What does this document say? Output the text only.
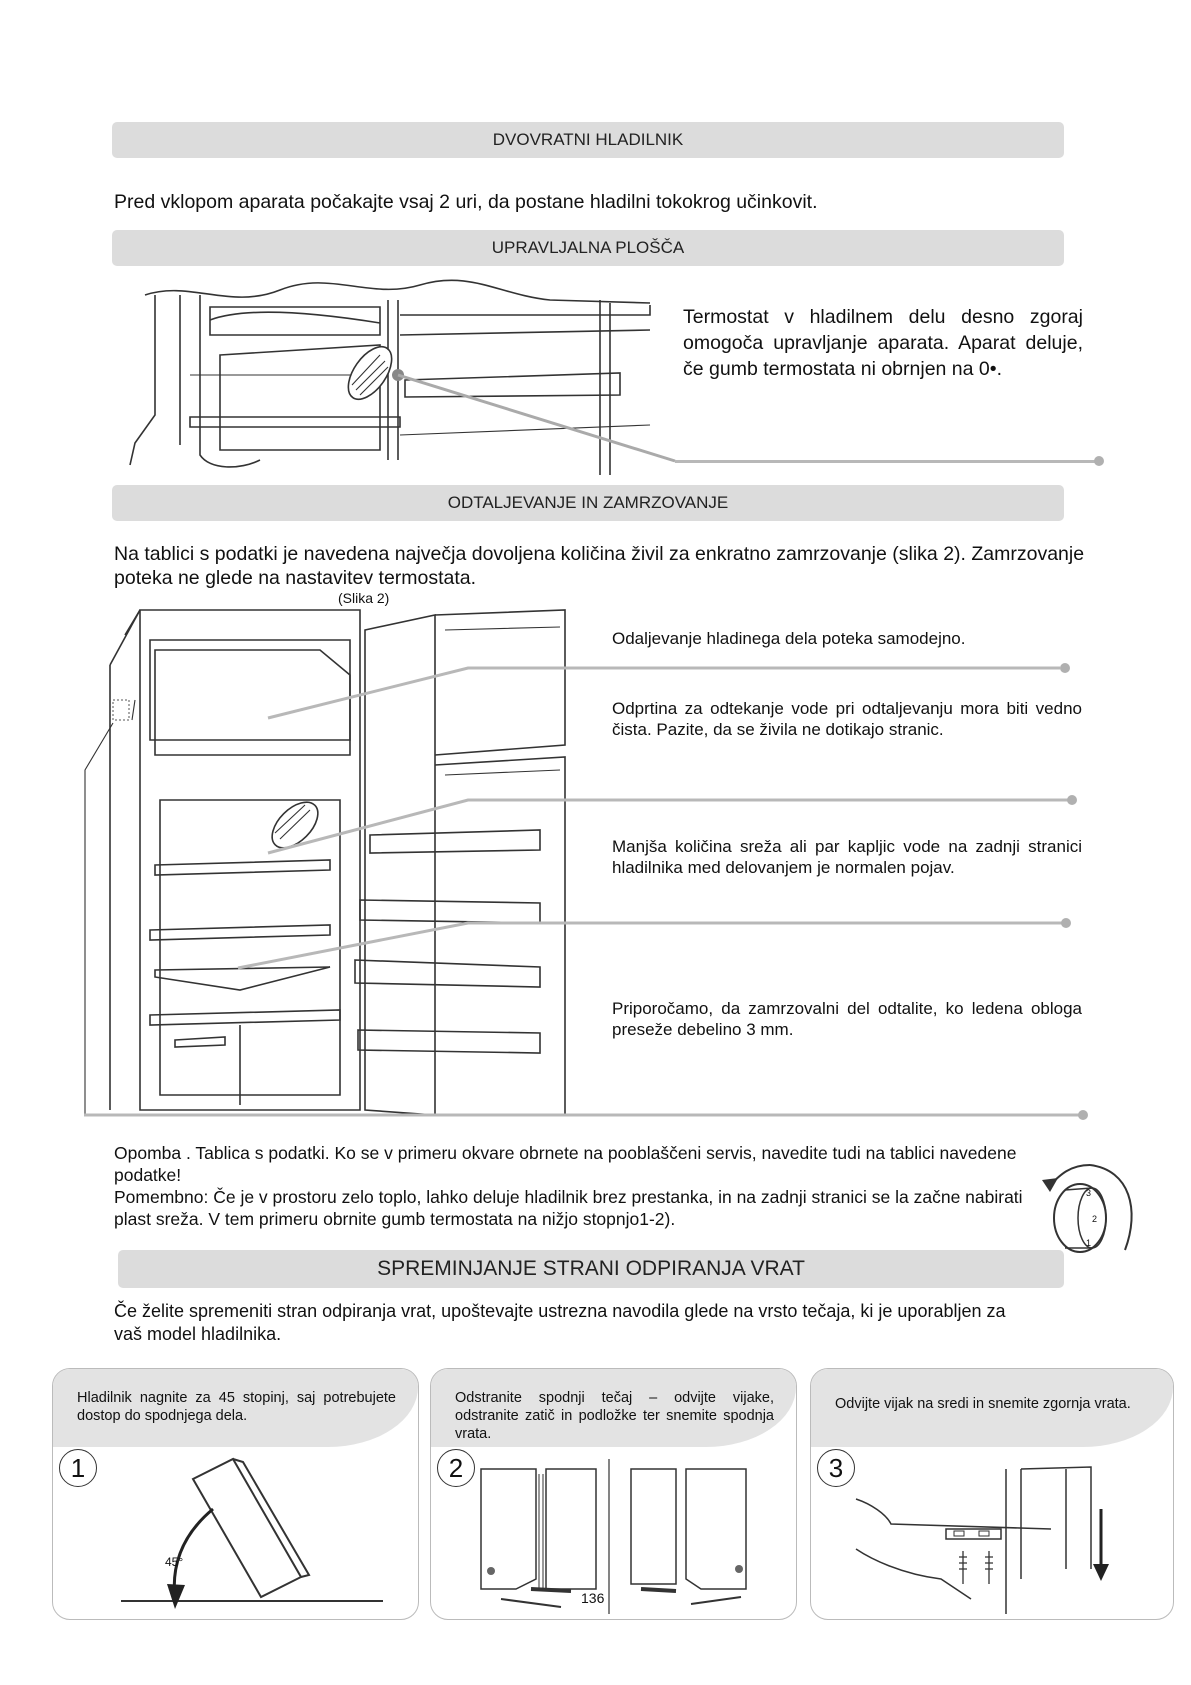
DVOVRATNI HLADILNIK
Pred vklopom aparata počakajte vsaj 2 uri, da postane hladilni tokokrog učinkovit.
UPRAVLJALNA PLOŠČA
Termostat v hladilnem delu desno zgoraj omogoča upravljanje aparata. Aparat deluje, če gumb termostata ni obrnjen na 0•.
ODTALJEVANJE IN ZAMRZOVANJE
Na tablici s podatki je navedena največja dovoljena količina živil za enkratno zamrzovanje (slika 2). Zamrzovanje poteka ne glede na nastavitev termostata.
(Slika 2)
Odaljevanje hladinega dela poteka samodejno.
Odprtina za odtekanje vode pri odtaljevanju mora biti vedno čista. Pazite, da se živila ne dotikajo stranic.
Manjša količina sreža ali par kapljic vode na zadnji stranici hladilnika med delovanjem je normalen pojav.
Priporočamo, da zamrzovalni del odtalite, ko ledena obloga preseže debelino 3 mm.
Opomba . Tablica s podatki. Ko se v primeru okvare obrnete na pooblaščeni servis, navedite tudi na tablici navedene podatke!
Pomembno: Če je v prostoru zelo toplo, lahko deluje hladilnik brez prestanka, in na zadnji stranici se la začne nabirati plast sreža. V tem primeru obrnite gumb termostata na nižjo stopnjo1-2).
3
2
1
SPREMINJANJE STRANI ODPIRANJA VRAT
Če želite spremeniti stran odpiranja vrat, upoštevajte ustrezna navodila glede na vrsto tečaja, ki je uporabljen za vaš model hladilnika.
Hladilnik nagnite za 45 stopinj, saj potrebujete dostop do spodnjega dela.
1
45°
Odstranite spodnji tečaj – odvijte vijake, odstranite zatič in podložke ter snemite spodnja vrata.
2
136
Odvijte vijak na sredi in snemite zgornja vrata.
3
